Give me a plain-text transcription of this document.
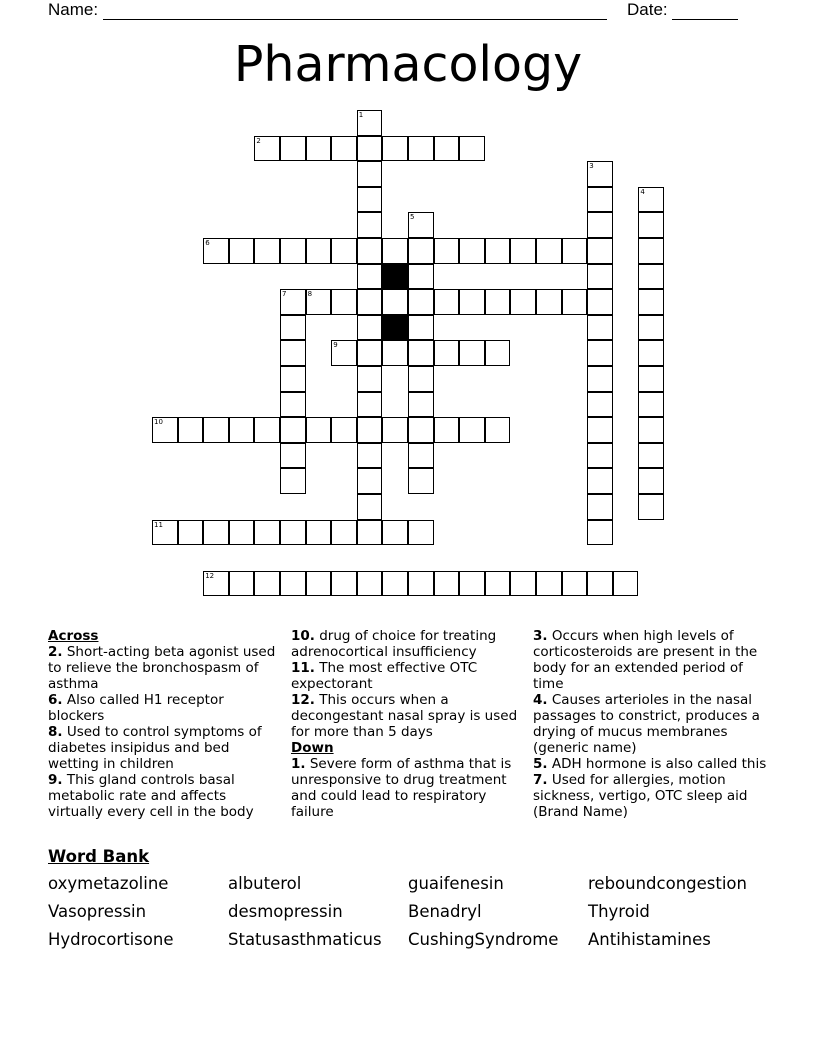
Name:	Date:
Pharmacology
1
2
3
4
5
6
7	8
9
10
11
12

Across

2. Short-acting beta agonist used to relieve the bronchospasm of asthma

6. Also called H1 receptor blockers

8. Used to control symptoms of diabetes insipidus and bed wetting in children

9. This gland controls basal metabolic rate and affects virtually every cell in the body

10. drug of choice for treating adrenocortical insufficiency

11. The most effective OTC expectorant

12. This occurs when a decongestant nasal spray is used for more than 5 days

Down

1. Severe form of asthma that is unresponsive to drug treatment and could lead to respiratory failure

3. Occurs when high levels of corticosteroids are present in the body for an extended period of time

4. Causes arterioles in the nasal passages to constrict, produces a drying of mucus membranes (generic name)

5. ADH hormone is also called this

7. Used for allergies, motion sickness, vertigo, OTC sleep aid (Brand Name)

Word Bank
oxymetazoline	albuterol	guaifenesin	reboundcongestion
Vasopressin	desmopressin	Benadryl	Thyroid
Hydrocortisone	Statusasthmaticus CushingSyndrome Antihistamines
